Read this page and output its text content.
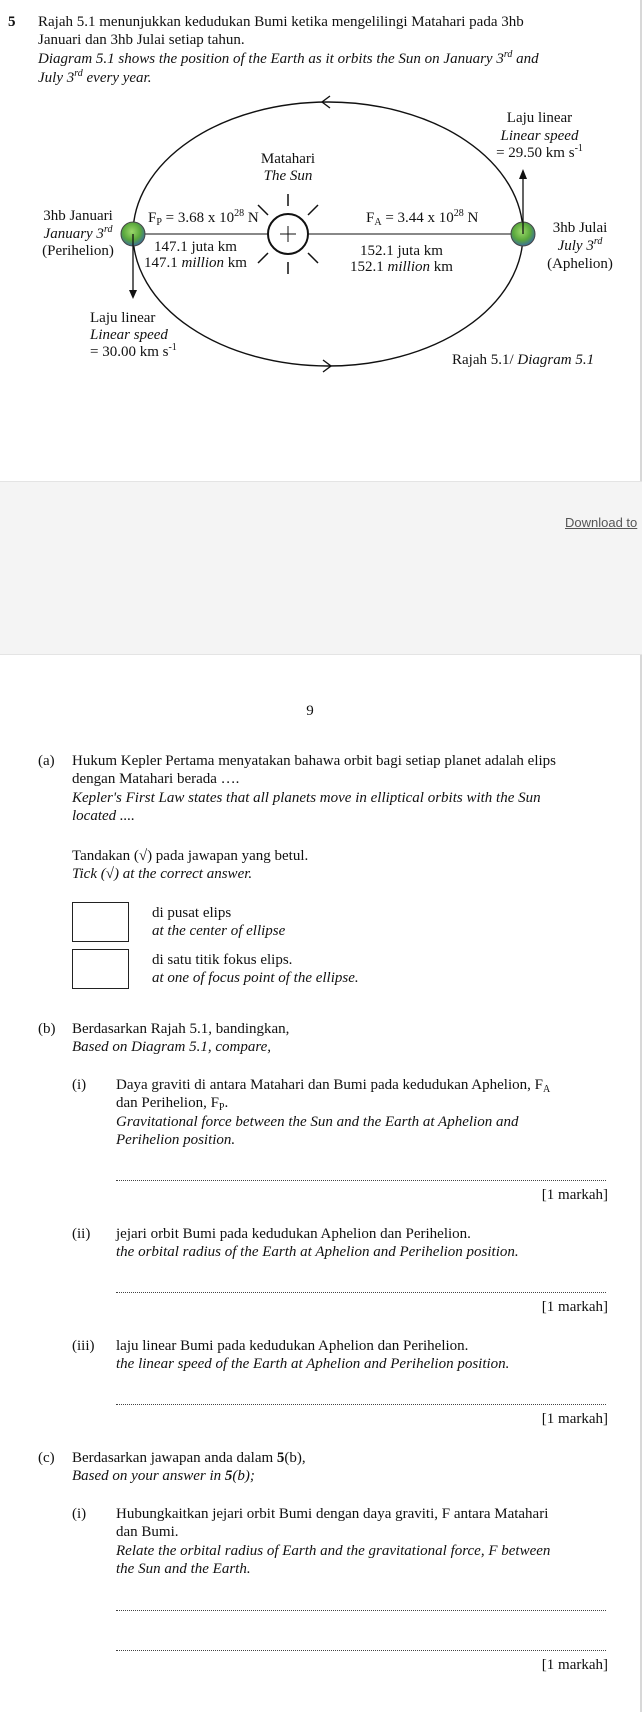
5 Rajah 5.1 menunjukkan kedudukan Bumi ketika mengelilingi Matahari pada 3hb
Januari dan 3hb Julai setiap tahun.
Diagram 5.1 shows the position of the Earth as it orbits the Sun on January 3rd and
July 3rd every year.
Matahari
The Sun
3hb Januari
January 3rd
(Perihelion)
3hb Julai
July 3rd
(Aphelion)
$F_P = 3.68$ x $10^{28}$ N	$F_A = 3.44$ x $10^{28}$ N
147.1 juta km
147.1 million km
152.1 juta km
152.1 million km
Laju linear
Linear speed
= 29.50 km $s^{-1}$
Laju linear
Linear speed
= 30.00 km $s^{-1}$
Rajah 5.1/ Diagram 5.1
Download to
9
(a) Hukum Kepler Pertama menyatakan bahawa orbit bagi setiap planet adalah elips
dengan Matahari berada ….
Kepler's First Law states that all planets move in elliptical orbits with the Sun
located ....
Tandakan (√) pada jawapan yang betul.
Tick (√) at the correct answer.
di pusat elips
at the center of ellipse
di satu titik fokus elips.
at one of focus point of the ellipse.
(b) Berdasarkan Rajah 5.1, bandingkan,
Based on Diagram 5.1, compare,
(i) Daya graviti di antara Matahari dan Bumi pada kedudukan Aphelion, $F_A$
dan Perihelion, $F_P$.
Gravitational force between the Sun and the Earth at Aphelion and
Perihelion position.
[1 markah]
(ii) jejari orbit Bumi pada kedudukan Aphelion dan Perihelion.
the orbital radius of the Earth at Aphelion and Perihelion position.
[1 markah]
(iii) laju linear Bumi pada kedudukan Aphelion dan Perihelion.
the linear speed of the Earth at Aphelion and Perihelion position.
[1 markah]
(c) Berdasarkan jawapan anda dalam 5(b),
Based on your answer in 5(b);
(i) Hubungkaitkan jejari orbit Bumi dengan daya graviti, F antara Matahari
dan Bumi.
Relate the orbital radius of Earth and the gravitational force, F between
the Sun and the Earth.
[1 markah]
